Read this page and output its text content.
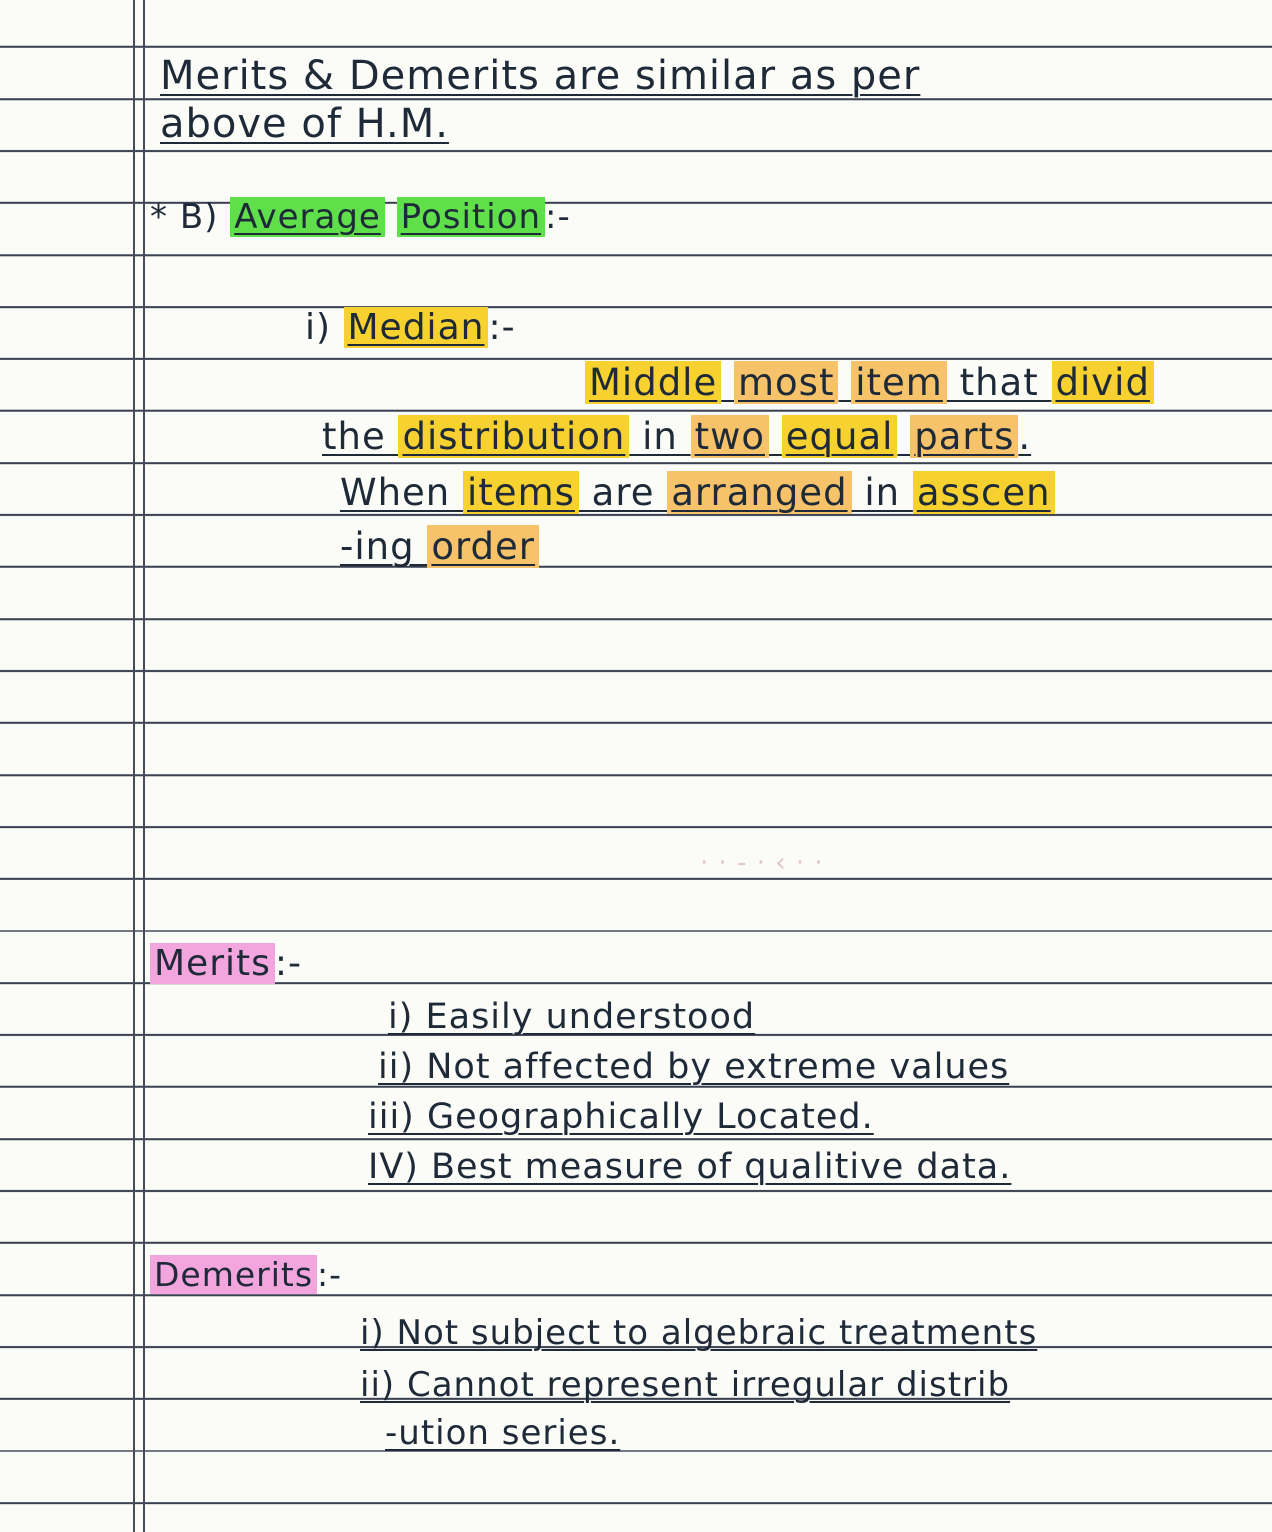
· · - · ‹ · ·
Merits & Demerits are similar as per
above of H.M.
* B) Average Position :-
i) Median :-
Middle most item that divid
the distribution in two equal parts .
When items are arranged in asscen
-ing order
Merits :-
i) Easily understood
ii) Not affected by extreme values
iii) Geographically Located.
IV) Best measure of qualitive data.
Demerits :-
i) Not subject to algebraic treatments
ii) Cannot represent irregular distrib
-ution series.
